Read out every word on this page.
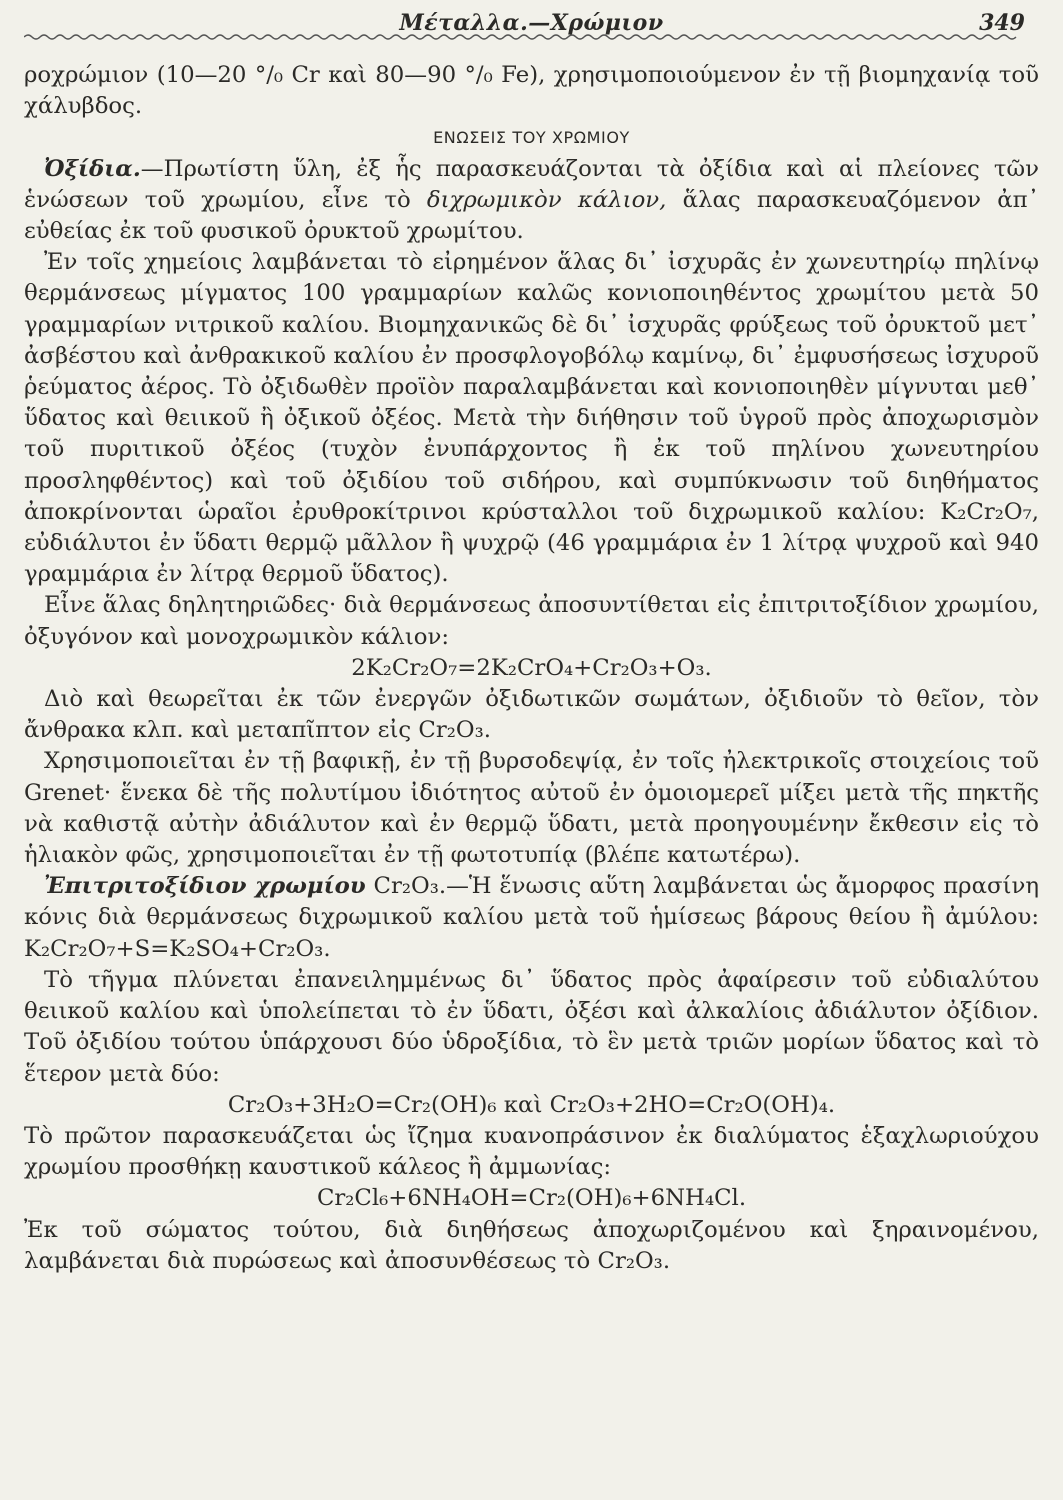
Μέταλλα.—Χρώμιον	349

ροχρώμιον (10—20 °/₀ Cr καὶ 80—90 °/₀ Fe), χρησιμοποιούμενον ἐν τῇ βιομηχανίᾳ τοῦ χάλυβδος.

ΕΝΩΣΕΙΣ ΤΟΥ ΧΡΩΜΙΟΥ

Ὀξίδια.—Πρωτίστη ὕλη, ἐξ ἧς παρασκευάζονται τὰ ὀξίδια καὶ αἱ πλείονες τῶν ἑνώσεων τοῦ χρωμίου, εἶνε τὸ διχρωμικὸν κάλιον, ἅλας παρασκευαζόμενον ἀπ᾽ εὐθείας ἐκ τοῦ φυσικοῦ ὀρυκτοῦ χρωμίτου.

Ἐν τοῖς χημείοις λαμβάνεται τὸ εἰρημένον ἅλας δι᾽ ἰσχυρᾶς ἐν χωνευτηρίῳ πηλίνῳ θερμάνσεως μίγματος 100 γραμμαρίων καλῶς κονιοποιηθέντος χρωμίτου μετὰ 50 γραμμαρίων νιτρικοῦ καλίου. Βιομηχανικῶς δὲ δι᾽ ἰσχυρᾶς φρύξεως τοῦ ὀρυκτοῦ μετ᾽ ἀσβέστου καὶ ἀνθρακικοῦ καλίου ἐν προσφλογοβόλῳ καμίνῳ, δι᾽ ἐμφυσήσεως ἰσχυροῦ ῥεύματος ἀέρος. Τὸ ὀξιδωθὲν προϊὸν παραλαμβάνεται καὶ κονιοποιηθὲν μίγνυται μεθ᾽ ὕδατος καὶ θειικοῦ ἢ ὀξικοῦ ὀξέος. Μετὰ τὴν διήθησιν τοῦ ὑγροῦ πρὸς ἀποχωρισμὸν τοῦ πυριτικοῦ ὀξέος (τυχὸν ἐνυπάρχοντος ἢ ἐκ τοῦ πηλίνου χωνευτηρίου προσληφθέντος) καὶ τοῦ ὀξιδίου τοῦ σιδήρου, καὶ συμπύκνωσιν τοῦ διηθήματος ἀποκρίνονται ὡραῖοι ἐρυθροκίτρινοι κρύσταλλοι τοῦ διχρωμικοῦ καλίου: K₂Cr₂O₇, εὐδιάλυτοι ἐν ὕδατι θερμῷ μᾶλλον ἢ ψυχρῷ (46 γραμμάρια ἐν 1 λίτρᾳ ψυχροῦ καὶ 940 γραμμάρια ἐν λίτρᾳ θερμοῦ ὕδατος).

Εἶνε ἅλας δηλητηριῶδες· διὰ θερμάνσεως ἀποσυντίθεται εἰς ἐπιτριτοξίδιον χρωμίου, ὀξυγόνον καὶ μονοχρωμικὸν κάλιον:

2K₂Cr₂O₇=2K₂CrO₄+Cr₂O₃+O₃.

Διὸ καὶ θεωρεῖται ἐκ τῶν ἐνεργῶν ὀξιδωτικῶν σωμάτων, ὀξιδιοῦν τὸ θεῖον, τὸν ἄνθρακα κλπ. καὶ μεταπῖπτον εἰς Cr₂O₃.

Χρησιμοποιεῖται ἐν τῇ βαφικῇ, ἐν τῇ βυρσοδεψίᾳ, ἐν τοῖς ἠλεκτρικοῖς στοιχείοις τοῦ Grenet· ἕνεκα δὲ τῆς πολυτίμου ἰδιότητος αὐτοῦ ἐν ὁμοιομερεῖ μίξει μετὰ τῆς πηκτῆς νὰ καθιστᾷ αὐτὴν ἀδιάλυτον καὶ ἐν θερμῷ ὕδατι, μετὰ προηγουμένην ἔκθεσιν εἰς τὸ ἡλιακὸν φῶς, χρησιμοποιεῖται ἐν τῇ φωτοτυπίᾳ (βλέπε κατωτέρω).

Ἐπιτριτοξίδιον χρωμίου Cr₂O₃.—Ἡ ἕνωσις αὕτη λαμβάνεται ὡς ἄμορφος πρασίνη κόνις διὰ θερμάνσεως διχρωμικοῦ καλίου μετὰ τοῦ ἡμίσεως βάρους θείου ἢ ἀμύλου: K₂Cr₂O₇+S=K₂SO₄+Cr₂O₃.

Τὸ τῆγμα πλύνεται ἐπανειλημμένως δι᾽ ὕδατος πρὸς ἀφαίρεσιν τοῦ εὐδιαλύτου θειικοῦ καλίου καὶ ὑπολείπεται τὸ ἐν ὕδατι, ὀξέσι καὶ ἀλκαλίοις ἀδιάλυτον ὀξίδιον. Τοῦ ὀξιδίου τούτου ὑπάρχουσι δύο ὑδροξίδια, τὸ ἓν μετὰ τριῶν μορίων ὕδατος καὶ τὸ ἕτερον μετὰ δύο:

Cr₂O₃+3H₂O=Cr₂(OH)₆ καὶ Cr₂O₃+2HO=Cr₂O(OH)₄.

Τὸ πρῶτον παρασκευάζεται ὡς ἴζημα κυανοπράσινον ἐκ διαλύματος ἑξαχλωριούχου χρωμίου προσθήκῃ καυστικοῦ κάλεος ἢ ἀμμωνίας:

Cr₂Cl₆+6NH₄OH=Cr₂(OH)₆+6NH₄Cl.

Ἐκ τοῦ σώματος τούτου, διὰ διηθήσεως ἀποχωριζομένου καὶ ξηραινομένου, λαμβάνεται διὰ πυρώσεως καὶ ἀποσυνθέσεως τὸ Cr₂O₃.
